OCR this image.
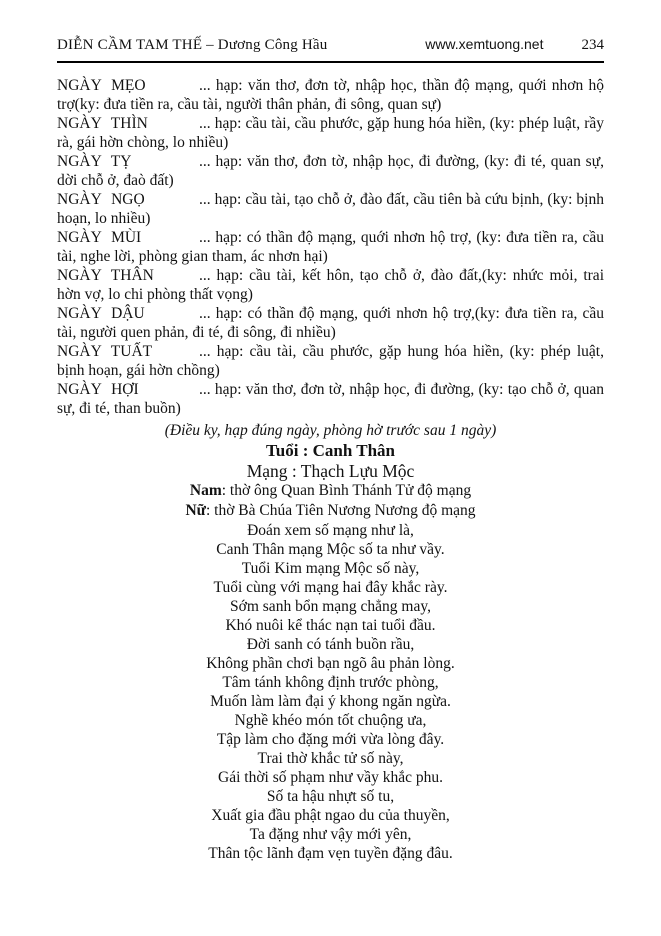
DIỄN CẦM TAM THẾ – Dương Công Hầu	www.xemtuong.net	234

NGÀY MẸO	... hạp: văn thơ, đơn tờ, nhập học, thần độ mạng, quới nhơn hộ trợ(ky: đưa tiền ra, cầu tài, người thân phản, đi sông, quan sự)

NGÀY THÌN	... hạp: cầu tài, cầu phước, gặp hung hóa hiền, (ky: phép luật, rầy rà, gái hờn chòng, lo nhiều)

NGÀY TỴ	... hạp: văn thơ, đơn tờ, nhập học, đi đường, (ky: đi té, quan sự, dời chỗ ở, đaò đất)

NGÀY NGỌ	... hạp: cầu tài, tạo chỗ ở, đào đất, cầu tiên bà cứu bịnh, (ky: bịnh hoạn, lo nhiều)

NGÀY MÙI	... hạp: có thần độ mạng, quới nhơn hộ trợ, (ky: đưa tiền ra, cầu tài, nghe lời, phòng gian tham, ác nhơn hại)

NGÀY THÂN	... hạp: cầu tài, kết hôn, tạo chỗ ở, đào đất,(ky: nhức mỏi, trai hờn vợ, lo chi phòng thất vọng)

NGÀY DẬU	... hạp: có thần độ mạng, quới nhơn hộ trợ,(ky: đưa tiền ra, cầu tài, người quen phản, đi té, đi sông, đi nhiều)

NGÀY TUẤT	... hạp: cầu tài, cầu phước, gặp hung hóa hiền, (ky: phép luật, bịnh hoạn, gái hờn chồng)

NGÀY HỢI	... hạp: văn thơ, đơn tờ, nhập học, đi đường, (ky: tạo chỗ ở, quan sự, đi té, than buồn)

(Điều ky, hạp đúng ngày, phòng hờ trước sau 1 ngày)
Tuổi : Canh Thân
Mạng : Thạch Lựu Mộc
Nam: thờ ông Quan Bình Thánh Tử độ mạng
Nữ: thờ Bà Chúa Tiên Nương Nương độ mạng
Đoán xem số mạng như là,
Canh Thân mạng Mộc số ta như vầy.
Tuổi Kim mạng Mộc số này,
Tuổi cùng với mạng hai đây khắc rày.
Sớm sanh bổn mạng chẳng may,
Khó nuôi kể thác nạn tai tuổi đầu.
Đời sanh có tánh buồn rầu,
Không phần chơi bạn ngõ âu phản lòng.
Tâm tánh không định trước phòng,
Muốn làm làm đại ý khong ngăn ngừa.
Nghề khéo món tốt chuộng ưa,
Tập làm cho đặng mới vừa lòng đây.
Trai thờ khắc tử số này,
Gái thời số phạm như vầy khắc phu.
Số ta hậu nhựt số tu,
Xuất gia đầu phật ngao du của thuyền,
Ta đặng như vậy mới yên,
Thân tộc lãnh đạm vẹn tuyền đặng đâu.
